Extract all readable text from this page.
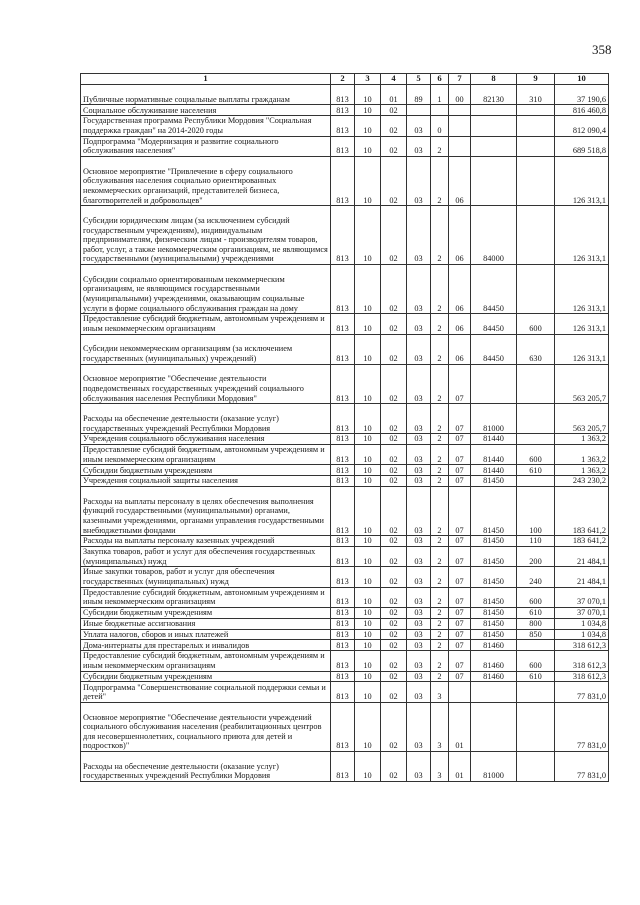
358
1	2	3	4	5	6	7	8	9	10
Публичные нормативные социальные выплаты гражданам	813	10	01	89	1	00	82130	310	37 190,6
Социальное обслуживание населения	813	10	02						816 460,8
Государственная программа Республики Мордовия "Социальная поддержка граждан" на 2014-2020 годы	813	10	02	03	0				812 090,4
Подпрограмма "Модернизация и развитие социального обслуживания населения"	813	10	02	03	2				689 518,8
Основное мероприятие "Привлечение в сферу социального обслуживания населения социально ориентированных некоммерческих организаций, представителей бизнеса, благотворителей и добровольцев"	813	10	02	03	2	06			126 313,1
Субсидии юридическим лицам (за исключением субсидий государственным учреждениям), индивидуальным предпринимателям, физическим лицам - производителям товаров, работ, услуг, а также некоммерческим организациям, не являющимся государственными (муниципальными) учреждениями	813	10	02	03	2	06	84000		126 313,1
Субсидии социально ориентированным некоммерческим организациям, не являющимся государственными (муниципальными) учреждениями, оказывающим социальные услуги в форме социального обслуживания граждан на дому	813	10	02	03	2	06	84450		126 313,1
Предоставление субсидий бюджетным, автономным учреждениям и иным некоммерческим организациям	813	10	02	03	2	06	84450	600	126 313,1
Субсидии некоммерческим организациям (за исключением государственных (муниципальных) учреждений)	813	10	02	03	2	06	84450	630	126 313,1
Основное мероприятие "Обеспечение деятельности подведомственных государственных учреждений социального обслуживания населения Республики Мордовия"	813	10	02	03	2	07			563 205,7
Расходы на обеспечение деятельности (оказание услуг) государственных учреждений Республики Мордовия	813	10	02	03	2	07	81000		563 205,7
Учреждения социального обслуживания населения	813	10	02	03	2	07	81440		1 363,2
Предоставление субсидий бюджетным, автономным учреждениям и иным некоммерческим организациям	813	10	02	03	2	07	81440	600	1 363,2
Субсидии бюджетным учреждениям	813	10	02	03	2	07	81440	610	1 363,2
Учреждения социальной защиты населения	813	10	02	03	2	07	81450		243 230,2
Расходы на выплаты персоналу в целях обеспечения выполнения функций государственными (муниципальными) органами, казенными учреждениями, органами управления государственными внебюджетными фондами	813	10	02	03	2	07	81450	100	183 641,2
Расходы на выплаты персоналу казенных учреждений	813	10	02	03	2	07	81450	110	183 641,2
Закупка товаров, работ и услуг для обеспечения государственных (муниципальных) нужд	813	10	02	03	2	07	81450	200	21 484,1
Иные закупки товаров, работ и услуг для обеспечения государственных (муниципальных) нужд	813	10	02	03	2	07	81450	240	21 484,1
Предоставление субсидий бюджетным, автономным учреждениям и иным некоммерческим организациям	813	10	02	03	2	07	81450	600	37 070,1
Субсидии бюджетным учреждениям	813	10	02	03	2	07	81450	610	37 070,1
Иные бюджетные ассигнования	813	10	02	03	2	07	81450	800	1 034,8
Уплата налогов, сборов и иных платежей	813	10	02	03	2	07	81450	850	1 034,8
Дома-интернаты для престарелых и инвалидов	813	10	02	03	2	07	81460		318 612,3
Предоставление субсидий бюджетным, автономным учреждениям и иным некоммерческим организациям	813	10	02	03	2	07	81460	600	318 612,3
Субсидии бюджетным учреждениям	813	10	02	03	2	07	81460	610	318 612,3
Подпрограмма "Совершенствование социальной поддержки семьи и детей"	813	10	02	03	3				77 831,0
Основное мероприятие "Обеспечение деятельности учреждений социального обслуживания населения (реабилитационных центров для несовершеннолетних, социального приюта для детей и подростков)"	813	10	02	03	3	01			77 831,0
Расходы на обеспечение деятельности (оказание услуг) государственных учреждений Республики Мордовия	813	10	02	03	3	01	81000		77 831,0
